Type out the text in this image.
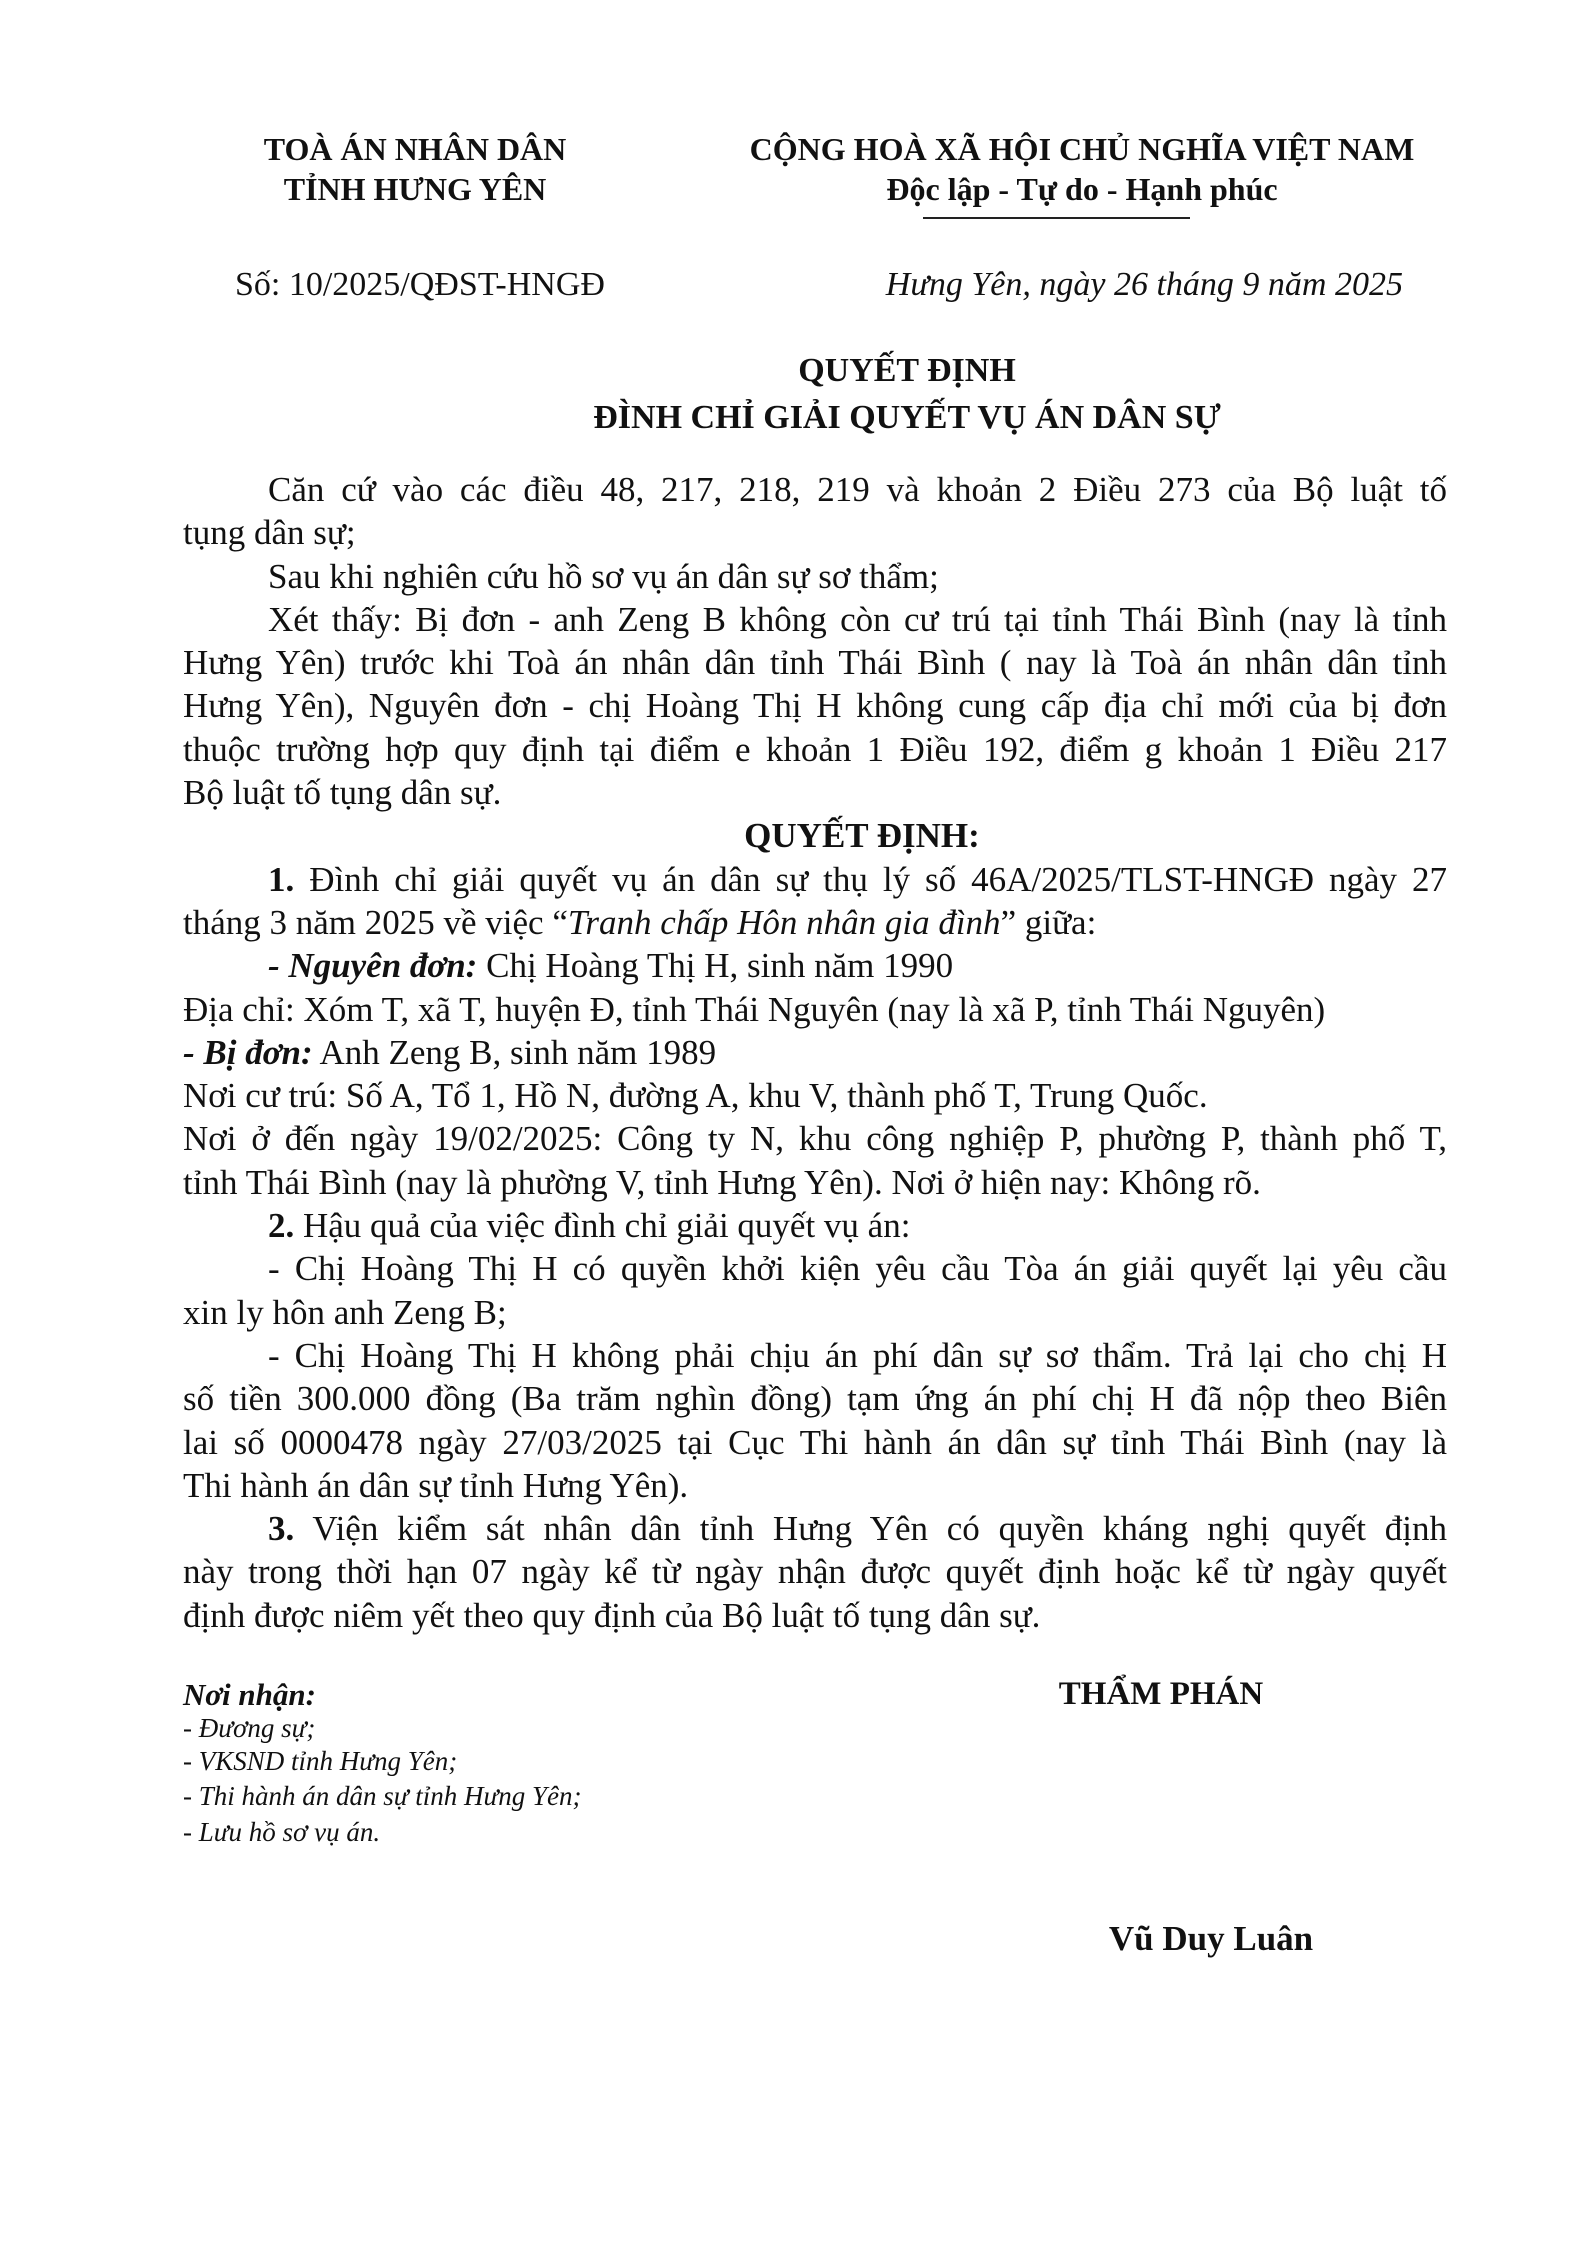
TOÀ ÁN NHÂN DÂN
TỈNH HƯNG YÊN
CỘNG HOÀ XÃ HỘI CHỦ NGHĨA VIỆT NAM
Độc lập - Tự do - Hạnh phúc
Số: 10/2025/QĐST-HNGĐ	Hưng Yên, ngày 26 tháng 9 năm 2025
QUYẾT ĐỊNH
ĐÌNH CHỈ GIẢI QUYẾT VỤ ÁN DÂN SỰ
Căn cứ vào các điều 48, 217, 218, 219 và khoản 2 Điều 273 của Bộ luật tố
tụng dân sự;
Sau khi nghiên cứu hồ sơ vụ án dân sự sơ thẩm;
Xét thấy: Bị đơn - anh Zeng B không còn cư trú tại tỉnh Thái Bình (nay là tỉnh
Hưng Yên) trước khi Toà án nhân dân tỉnh Thái Bình ( nay là Toà án nhân dân tỉnh
Hưng Yên), Nguyên đơn - chị Hoàng Thị H không cung cấp địa chỉ mới của bị đơn
thuộc trường hợp quy định tại điểm e khoản 1 Điều 192, điểm g khoản 1 Điều 217
Bộ luật tố tụng dân sự.
QUYẾT ĐỊNH:
1. Đình chỉ giải quyết vụ án dân sự thụ lý số 46A/2025/TLST-HNGĐ ngày 27
tháng 3 năm 2025 về việc “Tranh chấp Hôn nhân gia đình” giữa:
- Nguyên đơn: Chị Hoàng Thị H, sinh năm 1990
Địa chỉ: Xóm T, xã T, huyện Đ, tỉnh Thái Nguyên (nay là xã P, tỉnh Thái Nguyên)
- Bị đơn: Anh Zeng B, sinh năm 1989
Nơi cư trú: Số A, Tổ 1, Hồ N, đường A, khu V, thành phố T, Trung Quốc.
Nơi ở đến ngày 19/02/2025: Công ty N, khu công nghiệp P, phường P, thành phố T,
tỉnh Thái Bình (nay là phường V, tỉnh Hưng Yên). Nơi ở hiện nay: Không rõ.
2. Hậu quả của việc đình chỉ giải quyết vụ án:
- Chị Hoàng Thị H có quyền khởi kiện yêu cầu Tòa án giải quyết lại yêu cầu
xin ly hôn anh Zeng B;
- Chị Hoàng Thị H không phải chịu án phí dân sự sơ thẩm. Trả lại cho chị H
số tiền 300.000 đồng (Ba trăm nghìn đồng) tạm ứng án phí chị H đã nộp theo Biên
lai số 0000478 ngày 27/03/2025 tại Cục Thi hành án dân sự tỉnh Thái Bình (nay là
Thi hành án dân sự tỉnh Hưng Yên).
3. Viện kiểm sát nhân dân tỉnh Hưng Yên có quyền kháng nghị quyết định
này trong thời hạn 07 ngày kể từ ngày nhận được quyết định hoặc kể từ ngày quyết
định được niêm yết theo quy định của Bộ luật tố tụng dân sự.
Nơi nhận:
- Đương sự;
- VKSND tỉnh Hưng Yên;
- Thi hành án dân sự tỉnh Hưng Yên;
- Lưu hồ sơ vụ án.
THẨM PHÁN
Vũ Duy Luân
